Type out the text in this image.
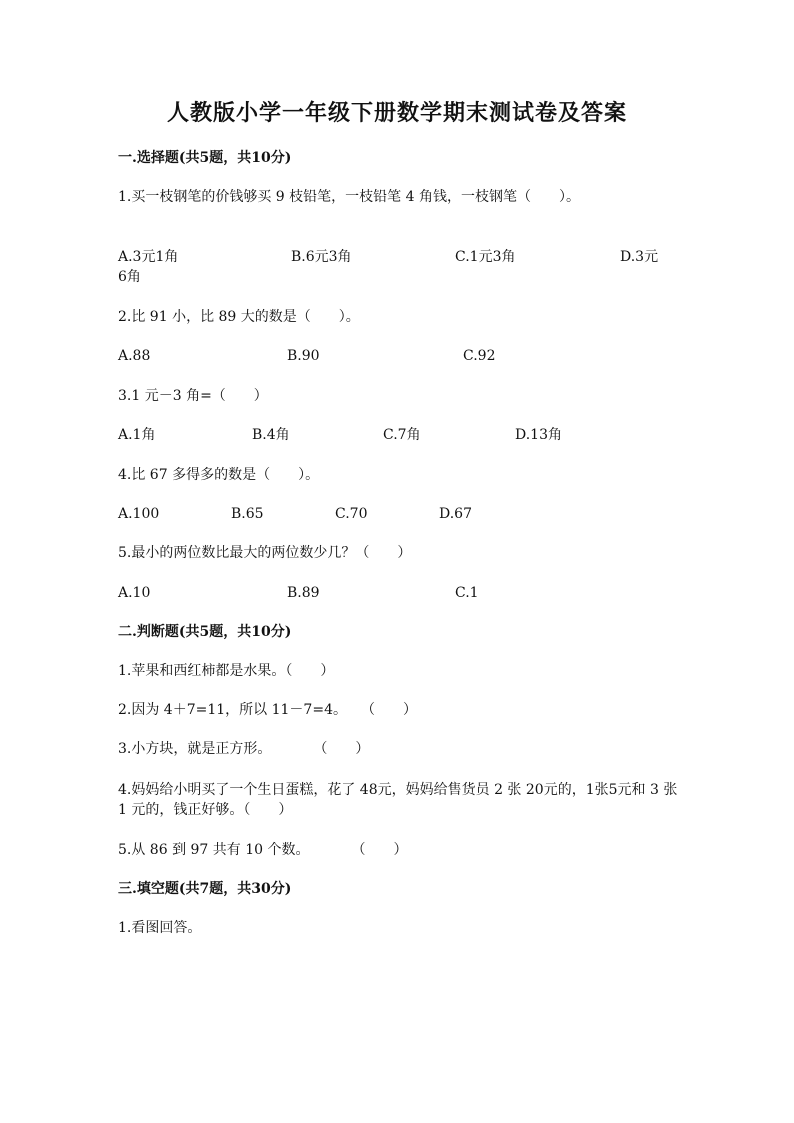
人教版小学一年级下册数学期末测试卷及答案
一.选择题(共5题，共10分)
1.买一枝钢笔的价钱够买 9 枝铅笔，一枝铅笔 4 角钱，一枝钢笔（　　）。
A.3元1角	B.6元3角	C.1元3角	D.3元
6角
2.比 91 小，比 89 大的数是（　　）。
A.88	B.90	C.92
3.1 元－3 角=（　　）
A.1角	B.4角	C.7角	D.13角
4.比 67 多得多的数是（　　）。
A.100	B.65	C.70	D.67
5.最小的两位数比最大的两位数少几？（　　）
A.10	B.89	C.1
二.判断题(共5题，共10分)
1.苹果和西红柿都是水果。（　　）
2.因为 4＋7=11，所以 11－7=4。　　（　　）
3.小方块，就是正方形。　　　　（　　）
4.妈妈给小明买了一个生日蛋糕，花了 48元，妈妈给售货员 2 张 20元的，1张5元和 3 张 1 元的，钱正好够。（　　）
5.从 86 到 97 共有 10 个数。　　　　（　　）
三.填空题(共7题，共30分)
1.看图回答。
